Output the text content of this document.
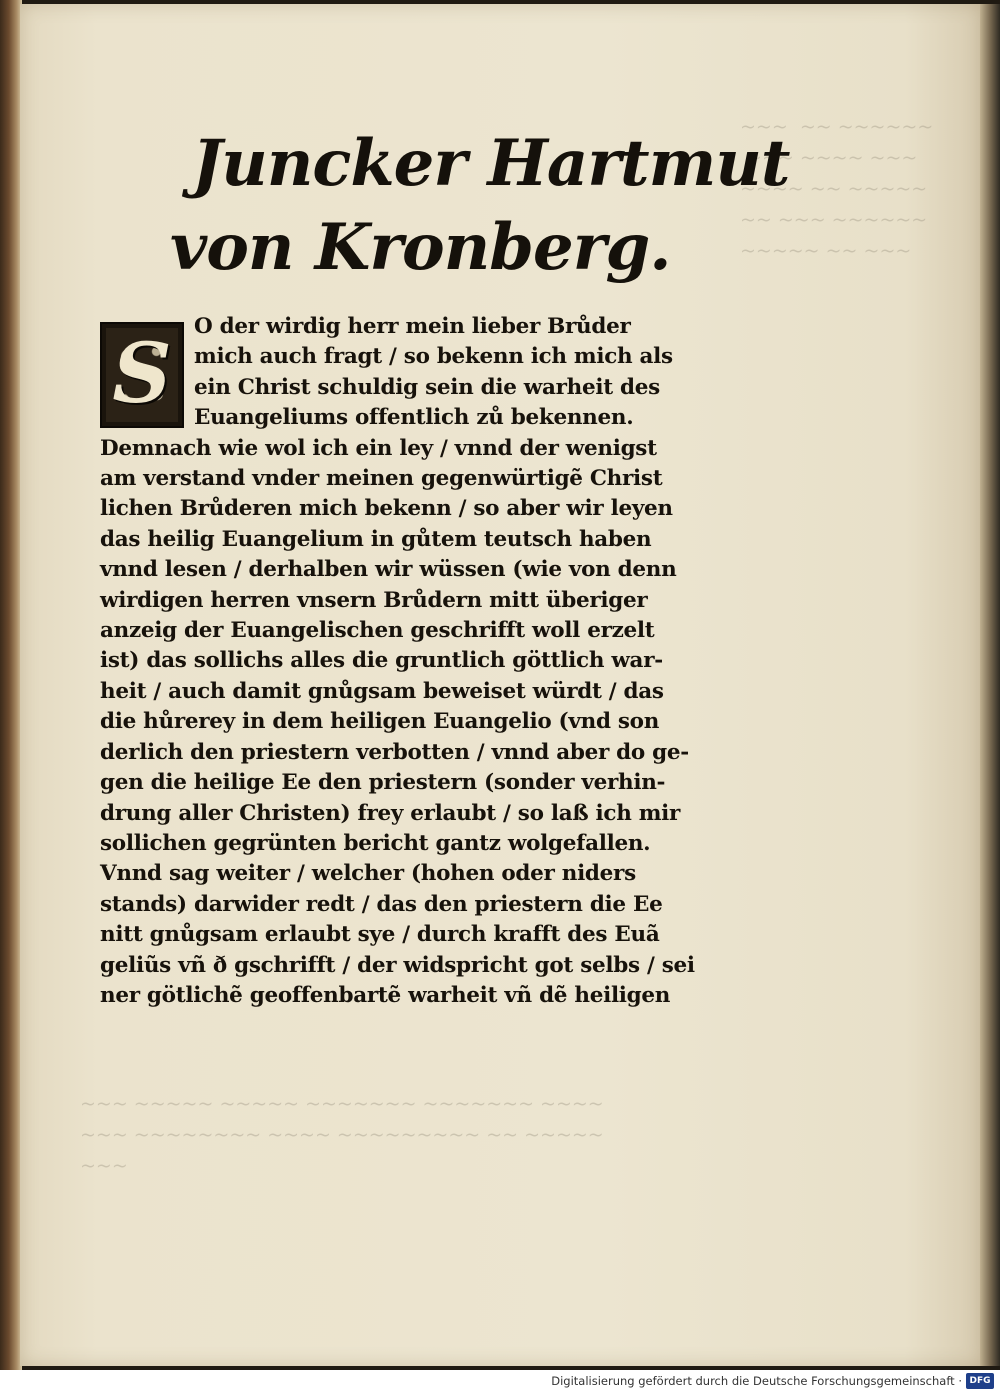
~~~  ~~ ~~~~~~
~~~ ~~~~ ~~~
~~~~ ~~ ~~~~~
~~ ~~~ ~~~~~~
~~~~~ ~~ ~~~
~~~ ~~~~~ ~~~~~ ~~~~~~~ ~~~~~~~ ~~~~
~~~ ~~~~~~~~ ~~~~ ~~~~~~~~~ ~~ ~~~~~
~~~
Juncker Hartmut
von Kronberg.
S	O der wirdig herr mein lieber Brůder
mich auch fragt / so bekenn ich mich als
ein Christ schuldig sein die warheit des
Euangeliums offentlich zů bekennen.
Demnach wie wol ich ein ley / vnnd der wenigst
am verstand vnder meinen gegenwürtigẽ Christ
lichen Brůderen mich bekenn / so aber wir leyen
das heilig Euangelium in gůtem teutsch haben
vnnd lesen / derhalben wir wüssen (wie von denn
wirdigen herren vnsern Brůdern mitt überiger
anzeig der Euangelischen geschrifft woll erzelt
ist) das sollichs alles die gruntlich göttlich war-
heit / auch damit gnůgsam beweiset würdt / das
die hůrerey in dem heiligen Euangelio (vnd son
derlich den priestern verbotten / vnnd aber do ge-
gen die heilige Ee den priestern (sonder verhin-
drung aller Christen) frey erlaubt / so laß ich mir
sollichen gegrünten bericht gantz wolgefallen.
Vnnd sag weiter / welcher (hohen oder niders
stands) darwider redt / das den priestern die Ee
nitt gnůgsam erlaubt sye / durch krafft des Euã
geliũs vñ ð gschrifft / der widspricht got selbs / sei
ner götlichẽ geoffenbartẽ warheit vñ dẽ heiligen
Digitalisierung gefördert durch die Deutsche Forschungsgemeinschaft · DFG
